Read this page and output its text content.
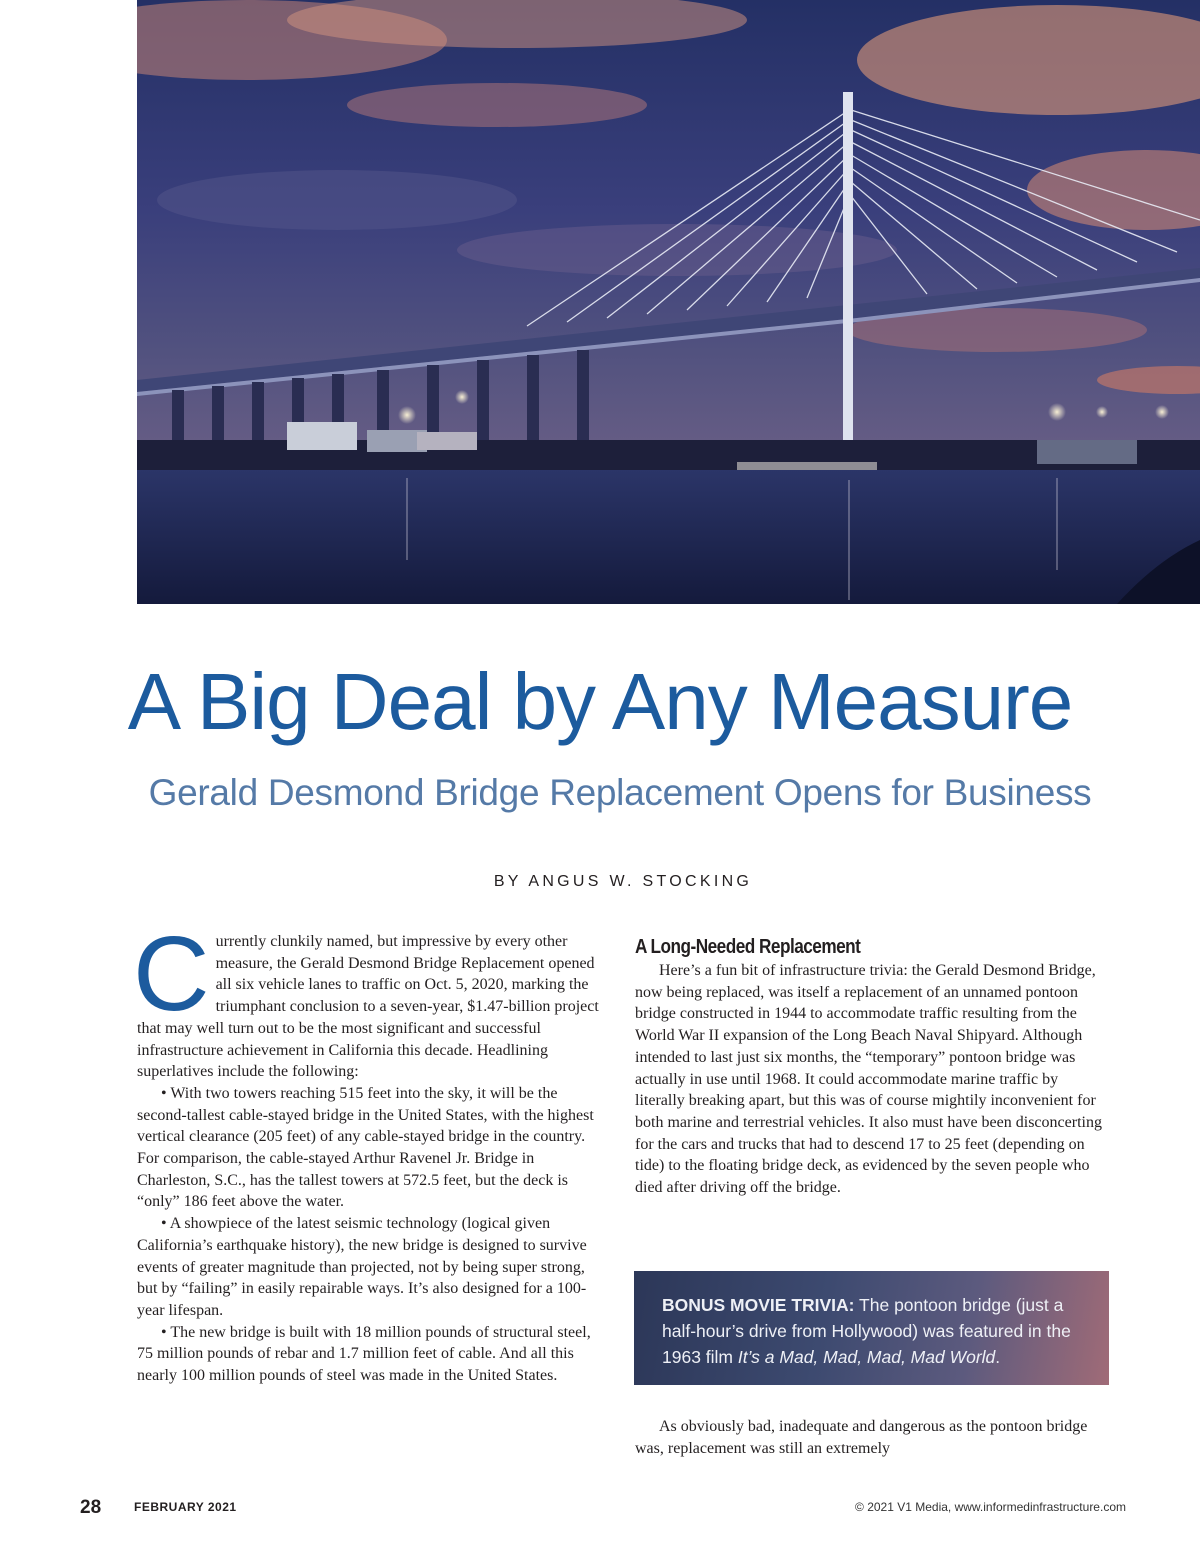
A Big Deal by Any Measure
Gerald Desmond Bridge Replacement Opens for Business
BY ANGUS W. STOCKING

Currently clunkily named, but impressive by every other measure, the Gerald Desmond Bridge Replacement opened all six vehicle lanes to traffic on Oct. 5, 2020, marking the triumphant conclusion to a seven-year, $1.47-billion project that may well turn out to be the most significant and successful infrastructure achievement in California this decade. Headlining superlatives include the following:

• With two towers reaching 515 feet into the sky, it will be the second-tallest cable-stayed bridge in the United States, with the highest vertical clearance (205 feet) of any cable-stayed bridge in the country. For comparison, the cable-stayed Arthur Ravenel Jr. Bridge in Charleston, S.C., has the tallest towers at 572.5 feet, but the deck is “only” 186 feet above the water.

• A showpiece of the latest seismic technology (logical given California’s earthquake history), the new bridge is designed to survive events of greater magnitude than projected, not by being super strong, but by “failing” in easily repairable ways. It’s also designed for a 100-year lifespan.

• The new bridge is built with 18 million pounds of structural steel, 75 million pounds of rebar and 1.7 million feet of cable. And all this nearly 100 million pounds of steel was made in the United States.

A Long-Needed Replacement

Here’s a fun bit of infrastructure trivia: the Gerald Desmond Bridge, now being replaced, was itself a replacement of an unnamed pontoon bridge constructed in 1944 to accommodate traffic resulting from the World War II expansion of the Long Beach Naval Shipyard. Although intended to last just six months, the “temporary” pontoon bridge was actually in use until 1968. It could accommodate marine traffic by literally breaking apart, but this was of course mightily inconvenient for both marine and terrestrial vehicles. It also must have been disconcerting for the cars and trucks that had to descend 17 to 25 feet (depending on tide) to the floating bridge deck, as evidenced by the seven people who died after driving off the bridge.

BONUS MOVIE TRIVIA: The pontoon bridge (just a half-hour’s drive from Hollywood) was featured in the 1963 film It’s a Mad, Mad, Mad, Mad World.

As obviously bad, inadequate and dangerous as the pontoon bridge was, replacement was still an extremely

28	FEBRUARY 2021	© 2021 V1 Media, www.informedinfrastructure.com
